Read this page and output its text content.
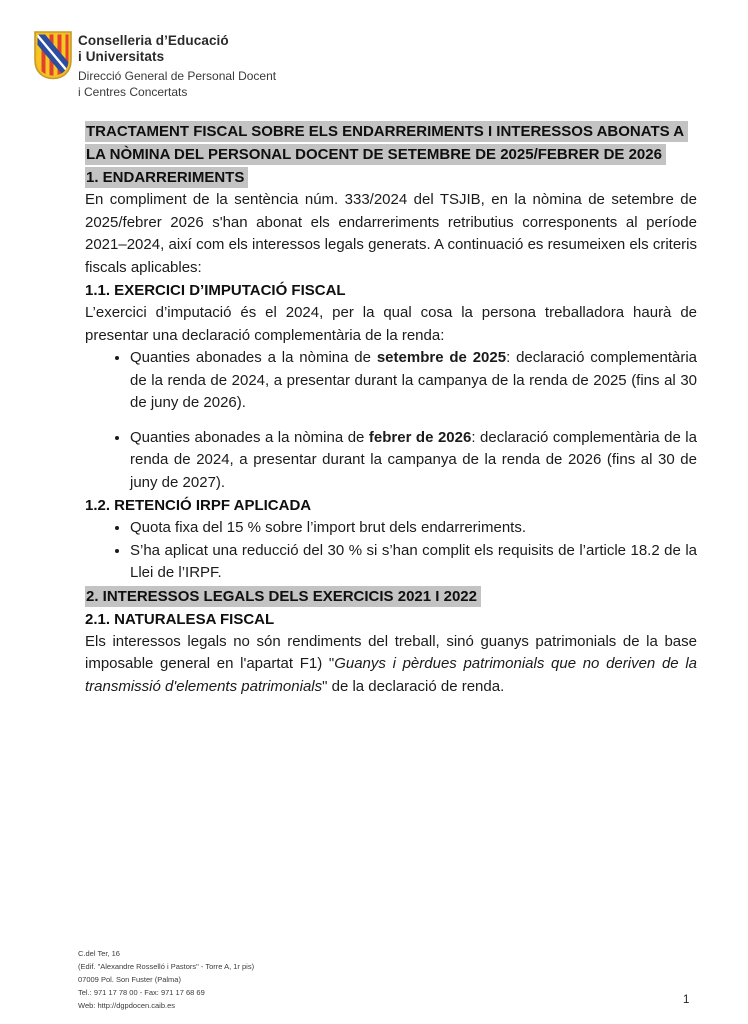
Conselleria d’Educació
i Universitats
Direcció General de Personal Docent
i Centres Concertats
TRACTAMENT FISCAL SOBRE ELS ENDARRERIMENTS I INTERESSOS ABONATS A LA NÒMINA DEL PERSONAL DOCENT DE SETEMBRE DE 2025/FEBRER DE 2026
1. ENDARRERIMENTS

En compliment de la sentència núm. 333/2024 del TSJIB, en la nòmina de setembre de 2025/febrer 2026 s'han abonat els endarreriments retributius corresponents al període 2021–2024, així com els interessos legals generats. A continuació es resumeixen els criteris fiscals aplicables:

1.1. EXERCICI D’IMPUTACIÓ FISCAL

L’exercici d’imputació és el 2024, per la qual cosa la persona treballadora haurà de presentar una declaració complementària de la renda:

• Quanties abonades a la nòmina de setembre de 2025: declaració complementària de la renda de 2024, a presentar durant la campanya de la renda de 2025 (fins al 30 de juny de 2026).
• Quanties abonades a la nòmina de febrer de 2026: declaració complementària de la renda de 2024, a presentar durant la campanya de la renda de 2026 (fins al 30 de juny de 2027).
1.2. RETENCIÓ IRPF APLICADA
• Quota fixa del 15 % sobre l’import brut dels endarreriments.
• S’ha aplicat una reducció del 30 % si s’han complit els requisits de l’article 18.2 de la Llei de l’IRPF.
2. INTERESSOS LEGALS DELS EXERCICIS 2021 I 2022
2.1. NATURALESA FISCAL

Els interessos legals no són rendiments del treball, sinó guanys patrimonials de la base imposable general en l'apartat F1) "Guanys i pèrdues patrimonials que no deriven de la transmissió d'elements patrimonials" de la declaració de renda.

C.del Ter, 16
(Edif. "Alexandre Rosselló i Pastors" - Torre A, 1r pis)
07009 Pol. Son Fuster (Palma)
Tel.: 971 17 78 00 - Fax: 971 17 68 69
Web: http://dgpdocen.caib.es	1
